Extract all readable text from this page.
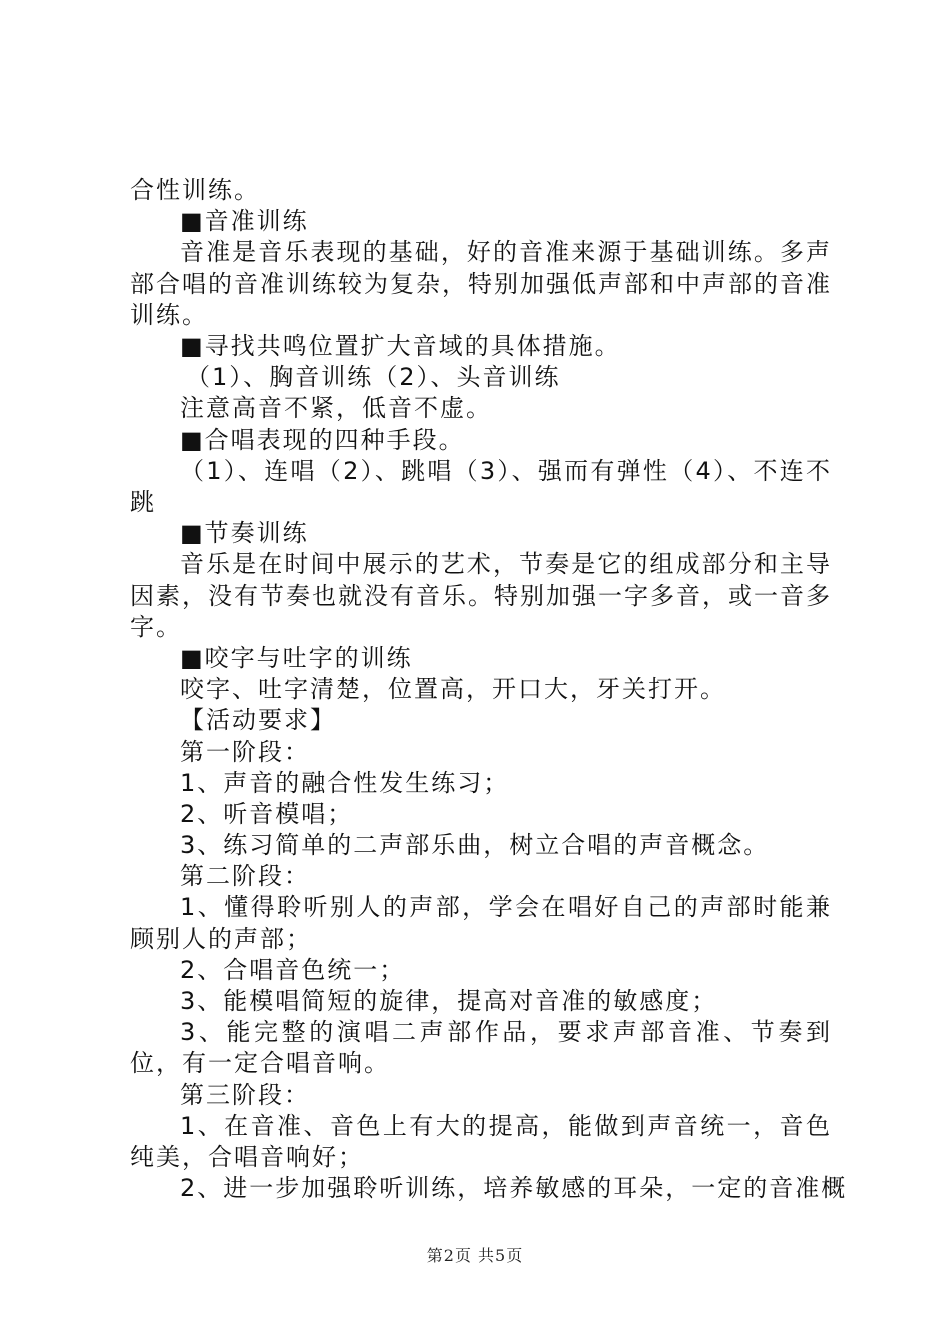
合性训练。
■音准训练
音准是音乐表现的基础，好的音准来源于基础训练。多声部合唱的音准训练较为复杂，特别加强低声部和中声部的音准训练。
■寻找共鸣位置扩大音域的具体措施。
（1）、胸音训练（2）、头音训练
注意高音不紧，低音不虚。
■合唱表现的四种手段。
（1）、连唱（2）、跳唱（3）、强而有弹性（4）、不连不跳
■节奏训练
音乐是在时间中展示的艺术，节奏是它的组成部分和主导因素，没有节奏也就没有音乐。特别加强一字多音，或一音多字。
■咬字与吐字的训练
咬字、吐字清楚，位置高，开口大，牙关打开。
【活动要求】
第一阶段：
1、声音的融合性发生练习；
2、听音模唱；
3、练习简单的二声部乐曲，树立合唱的声音概念。
第二阶段：
1、懂得聆听别人的声部，学会在唱好自己的声部时能兼顾别人的声部；
2、合唱音色统一；
3、能模唱简短的旋律，提高对音准的敏感度；
3、能完整的演唱二声部作品，要求声部音准、节奏到位，有一定合唱音响。
第三阶段：
1、在音准、音色上有大的提高，能做到声音统一，音色纯美，合唱音响好；
2、进一步加强聆听训练，培养敏感的耳朵，一定的音准概
第2页 共5页
